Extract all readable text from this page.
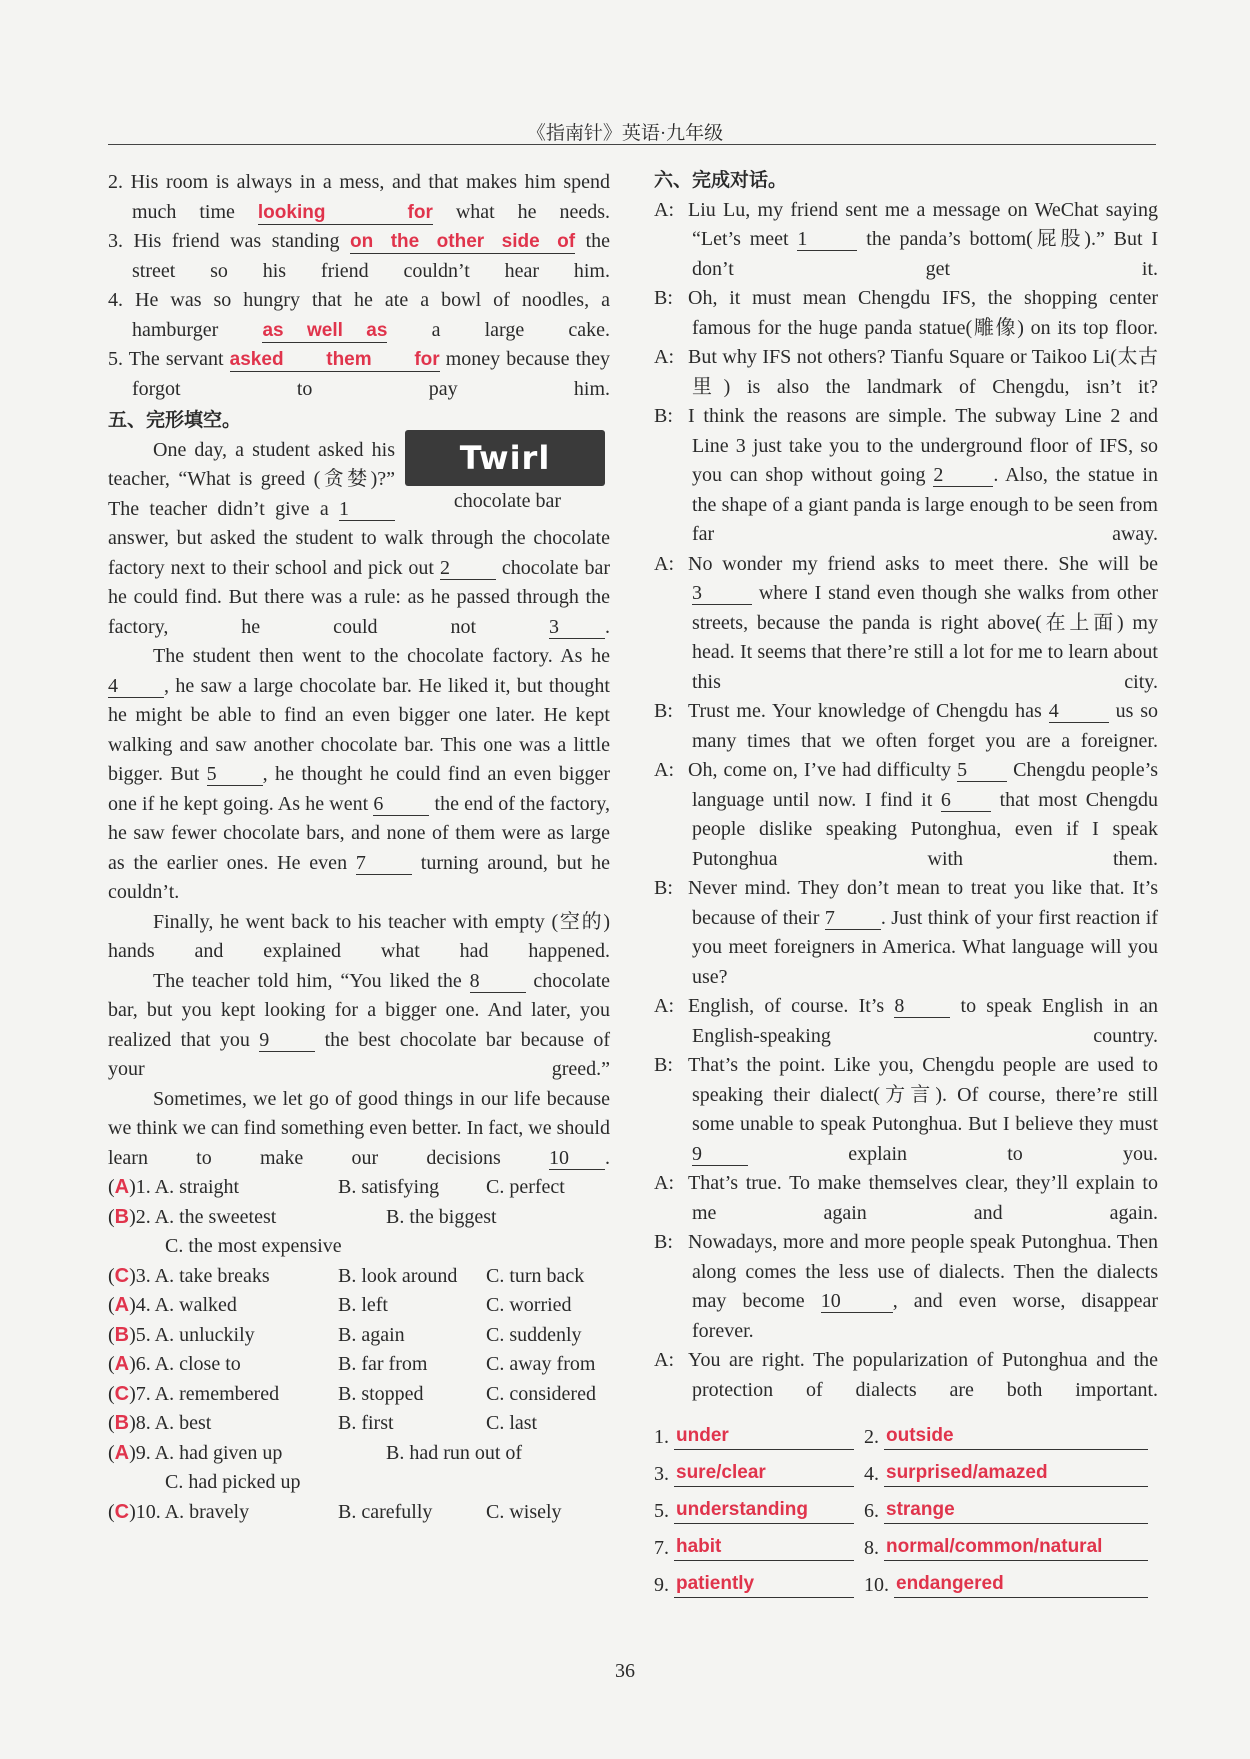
《指南针》英语·九年级

2. His room is always in a mess, and that makes him spend much time looking for what he needs.

3. His friend was standing on the other side of the street so his friend couldn’t hear him.

4. He was so hungry that he ate a bowl of noodles, a hamburger as well as a large cake.

5. The servant asked them for money because they forgot to pay him.

五、完形填空。

Twirl
chocolate bar

One day, a student asked his teacher, “What is greed (贪婪)?” The teacher didn’t give a 1 answer, but asked the student to walk through the chocolate factory next to their school and pick out 2	chocolate bar he could find. But there was a rule: as he passed through the factory, he could not	3 .

The student then went to the chocolate factory. As he 4 , he saw a large chocolate bar. He liked it, but thought he might be able to find an even bigger one later. He kept walking and saw another chocolate bar. This one was a little bigger. But 5 , he thought he could find an even bigger one if he kept going. As he went 6	the end of the factory, he saw fewer chocolate bars, and none of them were as large as the earlier ones. He even 7	turning around, but he couldn’t.

Finally, he went back to his teacher with empty (空的) hands and explained what had happened.

The teacher told him, “You liked the 8	chocolate bar, but you kept looking for a bigger one. And later, you realized that you 9	the best chocolate bar because of your greed.”

Sometimes, we let go of good things in our life because we think we can find something even better. In fact, we should learn to make our decisions 10 .

(A)1. A. straight	B. satisfying	C. perfect
(B)2. A. the sweetest	B. the biggest

C. the most expensive

(C)3. A. take breaks	B. look around	C. turn back
(A)4. A. walked	B. left	C. worried
(B)5. A. unluckily	B. again	C. suddenly
(A)6. A. close to	B. far from	C. away from
(C)7. A. remembered	B. stopped	C. considered
(B)8. A. best	B. first	C. last
(A)9. A. had given up	B. had run out of

C. had picked up

(C)10. A. bravely	B. carefully	C. wisely

六、完成对话。

A: Liu Lu, my friend sent me a message on WeChat saying “Let’s meet 1	the panda’s bottom(屁股).” But I don’t get it.

B: Oh, it must mean Chengdu IFS, the shopping center famous for the huge panda statue(雕像) on its top floor.

A: But why IFS not others? Tianfu Square or Taikoo Li(太古里) is also the landmark of Chengdu, isn’t it?

B: I think the reasons are simple. The subway Line 2 and Line 3 just take you to the underground floor of IFS, so you can shop without going 2	. Also, the statue in the shape of a giant panda is large enough to be seen from far away.

A: No wonder my friend asks to meet there. She will be 3	where I stand even though she walks from other streets, because the panda is right above(在上面) my head. It seems that there’re still a lot for me to learn about this city.

B: Trust me. Your knowledge of Chengdu has 4	us so many times that we often forget you are a foreigner.

A: Oh, come on, I’ve had difficulty 5 Chengdu people’s language until now. I find it 6 that most Chengdu people dislike speaking Putonghua, even if I speak Putonghua with them.

B: Never mind. They don’t mean to treat you like that. It’s because of their 7 . Just think of your first reaction if you meet foreigners in America. What language will you use?

A: English, of course. It’s 8	to speak English in an English-speaking country.

B: That’s the point. Like you, Chengdu people are used to speaking their dialect(方言). Of course, there’re still some unable to speak Putonghua. But I believe they must 9	explain to you.

A: That’s true. To make themselves clear, they’ll explain to me again and again.

B: Nowadays, more and more people speak Putonghua. Then along comes the less use of dialects. Then the dialects may become 10	, and even worse, disappear forever.

A: You are right. The popularization of Putonghua and the protection of dialects are both important.

1. under	2. outside
3. sure/clear	4. surprised/amazed
5. understanding	6. strange
7. habit	8. normal/common/natural
9. patiently	10. endangered
36
